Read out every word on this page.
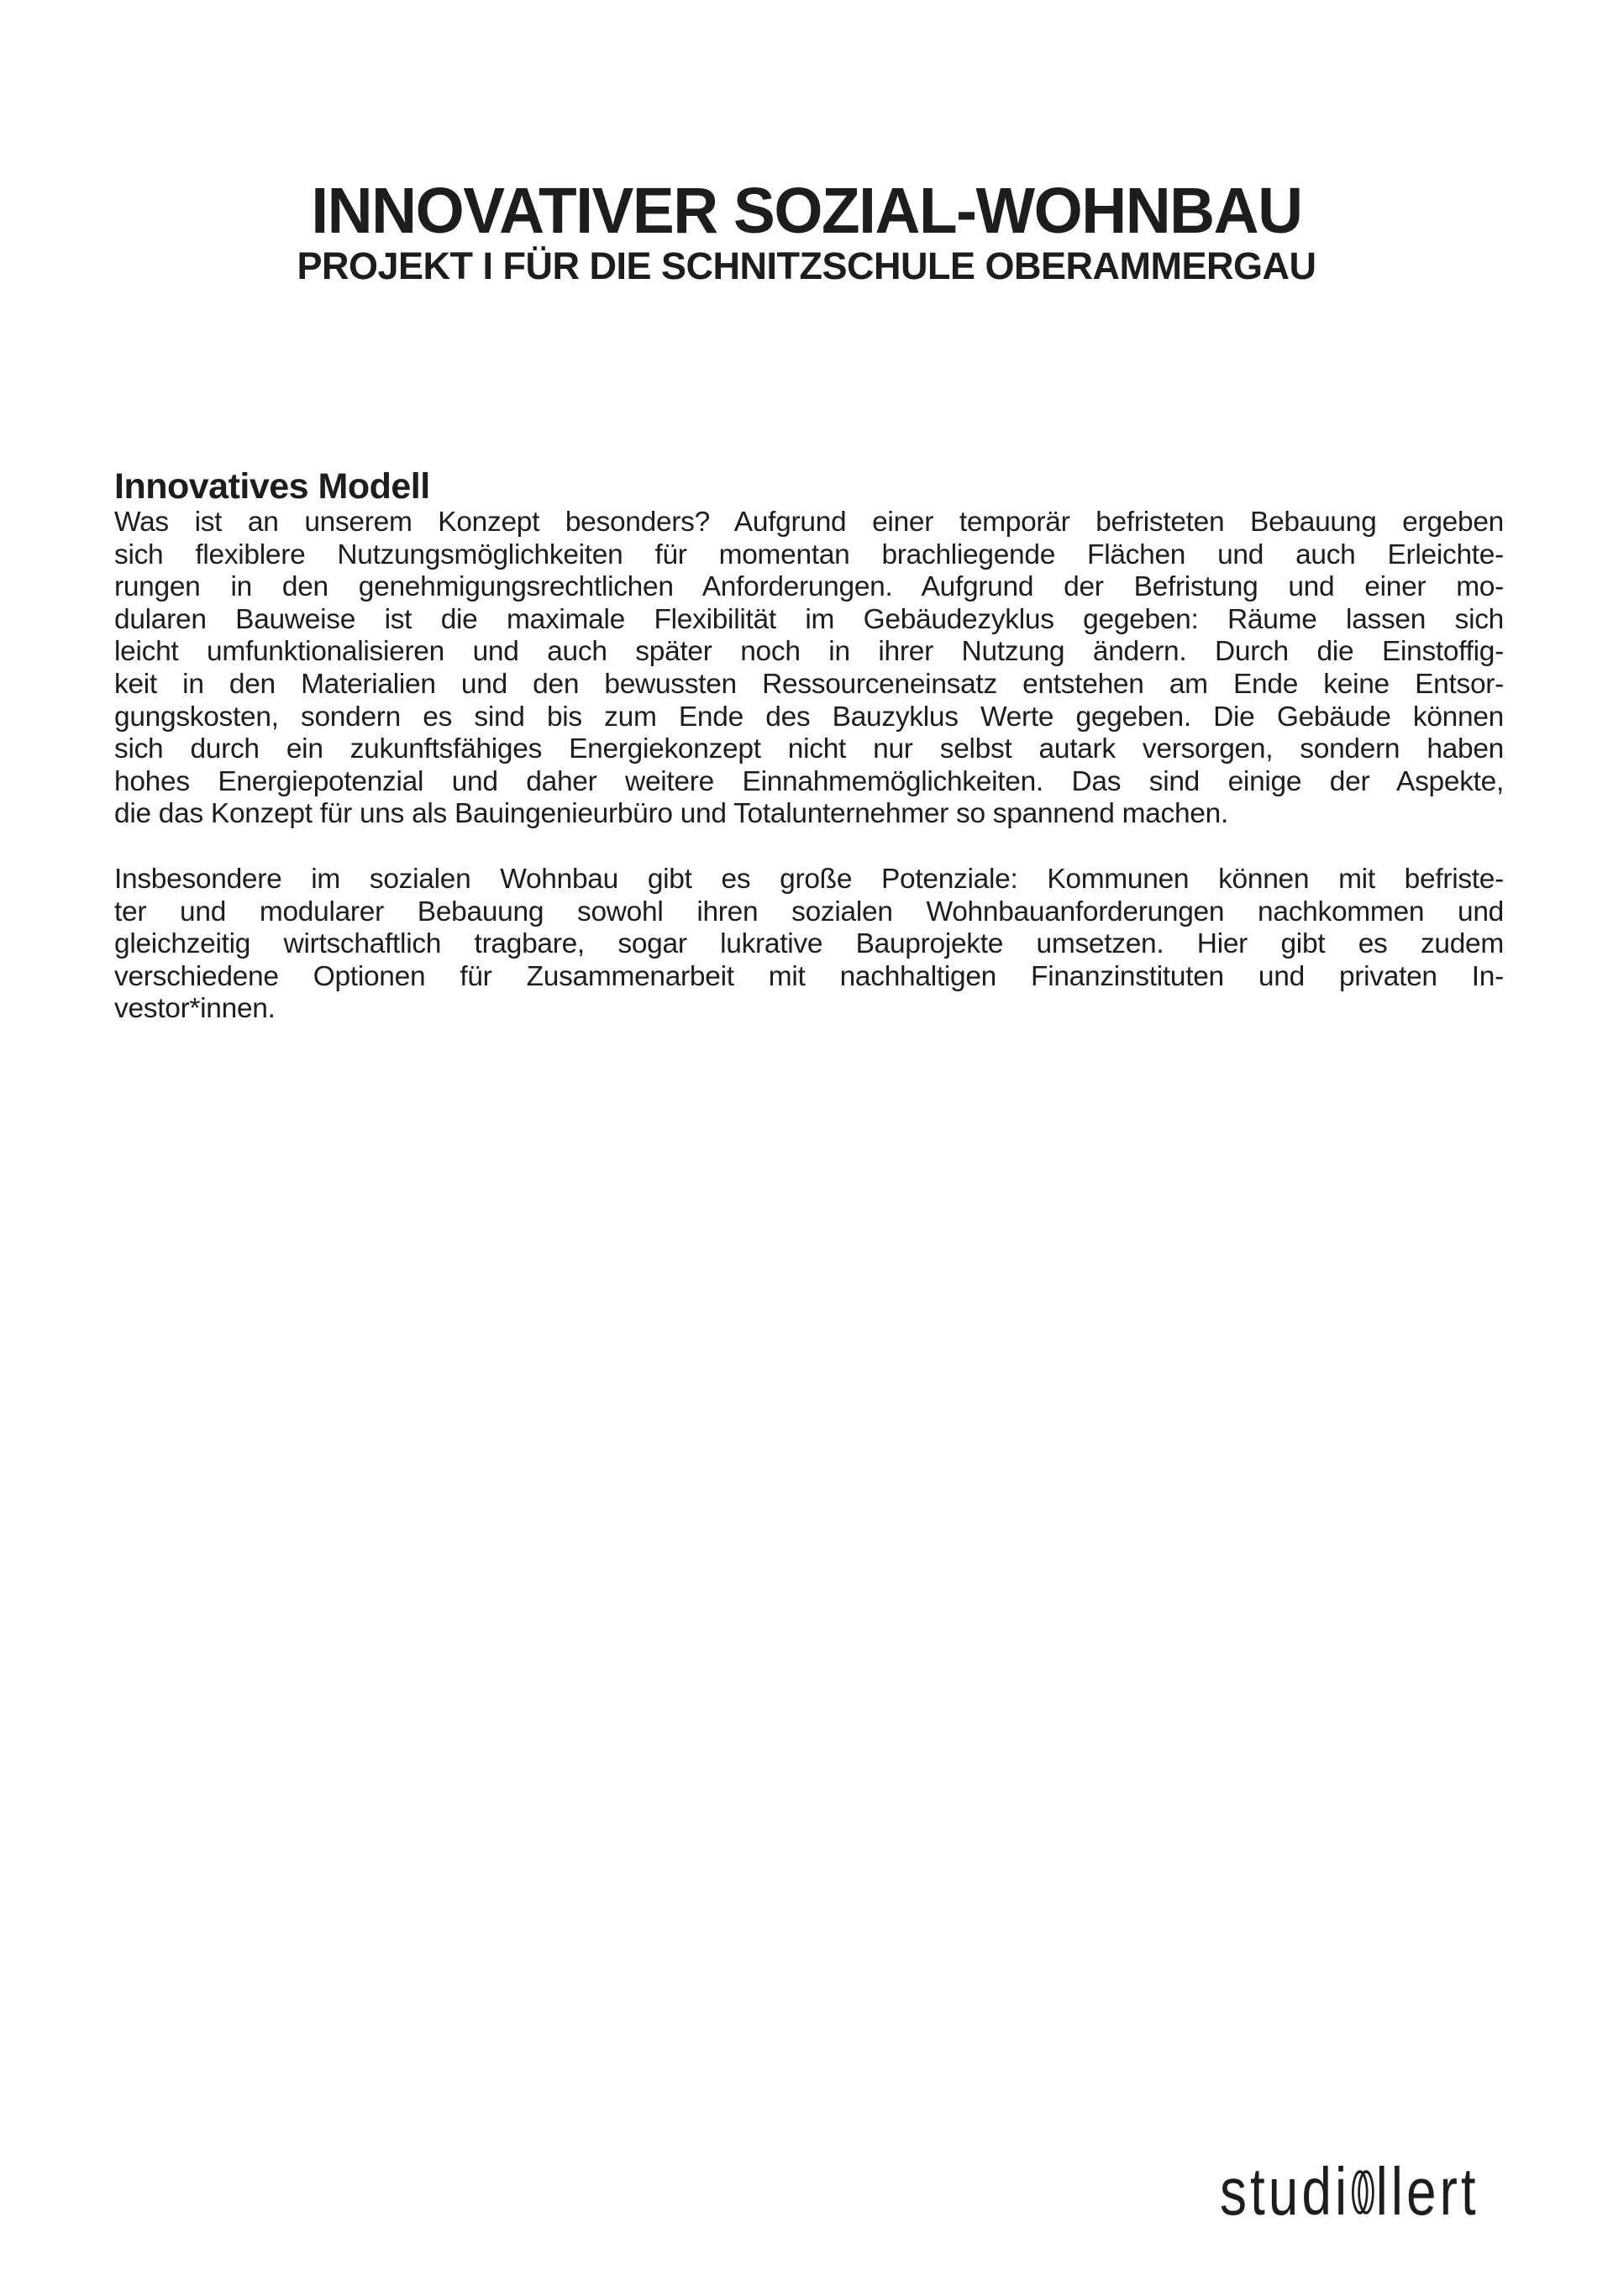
INNOVATIVER SOZIAL-WOHNBAU
PROJEKT I FÜR DIE SCHNITZSCHULE OBERAMMERGAU
Innovatives Modell
Was ist an unserem Konzept besonders? Aufgrund einer temporär befristeten Bebauung ergeben
sich flexiblere Nutzungsmöglichkeiten für momentan brachliegende Flächen und auch Erleichte-
rungen in den genehmigungsrechtlichen Anforderungen. Aufgrund der Befristung und einer mo-
dularen Bauweise ist die maximale Flexibilität im Gebäudezyklus gegeben: Räume lassen sich
leicht umfunktionalisieren und auch später noch in ihrer Nutzung ändern. Durch die Einstoffig-
keit in den Materialien und den bewussten Ressourceneinsatz entstehen am Ende keine Entsor-
gungskosten, sondern es sind bis zum Ende des Bauzyklus Werte gegeben. Die Gebäude können
sich durch ein zukunftsfähiges Energiekonzept nicht nur selbst autark versorgen, sondern haben
hohes Energiepotenzial und daher weitere Einnahmemöglichkeiten. Das sind einige der Aspekte,
die das Konzept für uns als Bauingenieurbüro und Totalunternehmer so spannend machen.
Insbesondere im sozialen Wohnbau gibt es große Potenziale: Kommunen können mit befriste-
ter und modularer Bebauung sowohl ihren sozialen Wohnbauanforderungen nachkommen und
gleichzeitig wirtschaftlich tragbare, sogar lukrative Bauprojekte umsetzen. Hier gibt es zudem
verschiedene Optionen für Zusammenarbeit mit nachhaltigen Finanzinstituten und privaten In-
vestor*innen.
studi llert
